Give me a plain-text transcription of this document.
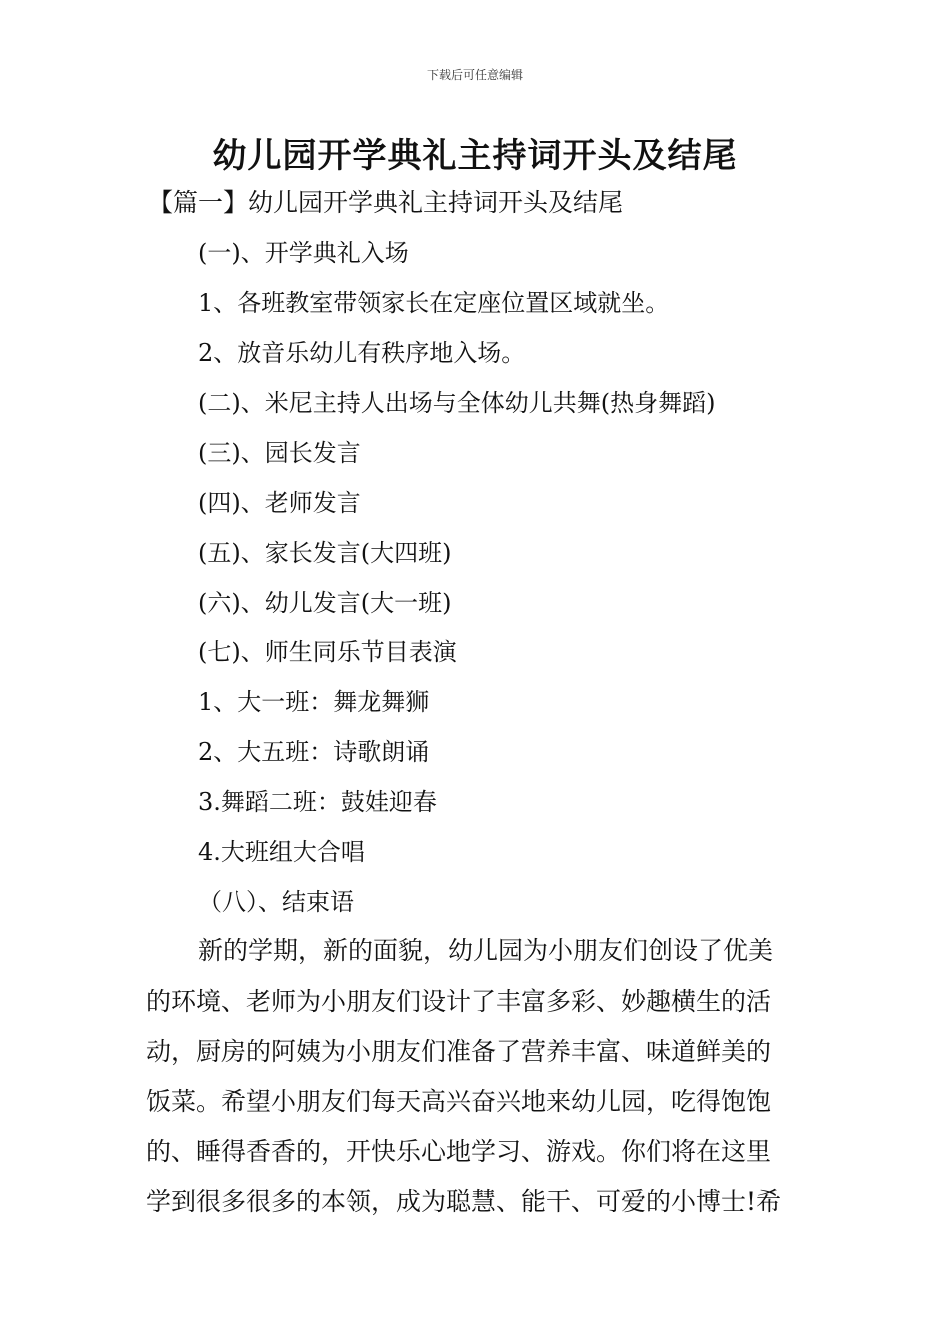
下载后可任意编辑
幼儿园开学典礼主持词开头及结尾
【篇一】幼儿园开学典礼主持词开头及结尾
(一)、开学典礼入场
1、各班教室带领家长在定座位置区域就坐。
2、放音乐幼儿有秩序地入场。
(二)、米尼主持人出场与全体幼儿共舞(热身舞蹈)
(三)、园长发言
(四)、老师发言
(五)、家长发言(大四班)
(六)、幼儿发言(大一班)
(七)、师生同乐节目表演
1、大一班：舞龙舞狮
2、大五班：诗歌朗诵
3.舞蹈二班：鼓娃迎春
4.大班组大合唱
（八）、结束语
新的学期，新的面貌，幼儿园为小朋友们创设了优美
的环境、老师为小朋友们设计了丰富多彩、妙趣横生的活
动，厨房的阿姨为小朋友们准备了营养丰富、味道鲜美的
饭菜。希望小朋友们每天高兴奋兴地来幼儿园，吃得饱饱
的、睡得香香的，开快乐心地学习、游戏。你们将在这里
学到很多很多的本领，成为聪慧、能干、可爱的小博士!希
